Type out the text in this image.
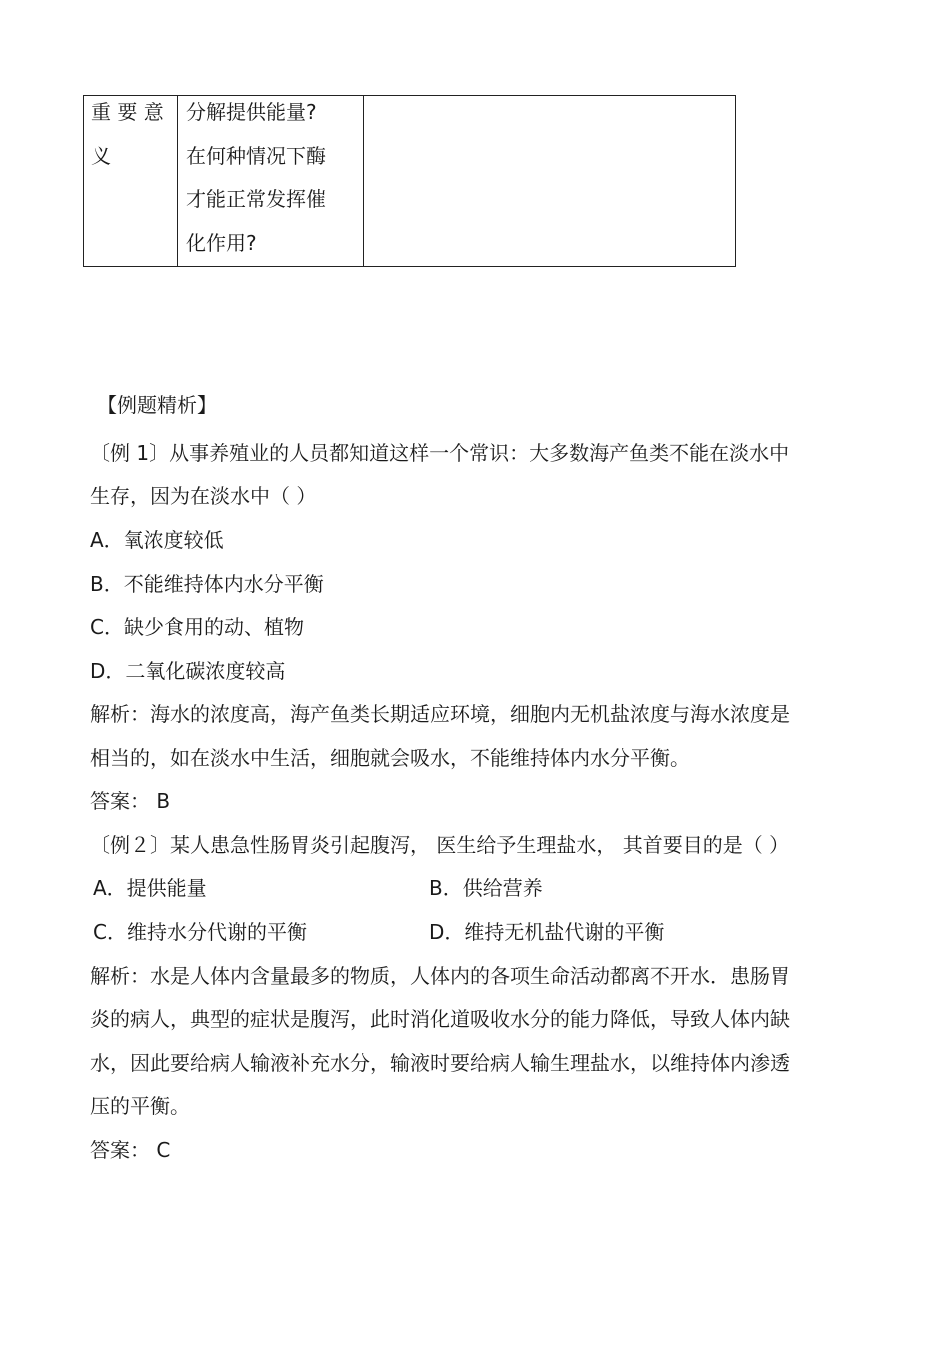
重 要 意
义
分解提供能量?
在何种情况下酶
才能正常发挥催
化作用?
【例题精析】
〔例 1〕从事养殖业的人员都知道这样一个常识：大多数海产鱼类不能在淡水中
生存，因为在淡水中（ ）
A．氧浓度较低
B．不能维持体内水分平衡
C．缺少食用的动、植物
D．二氧化碳浓度较高
解析：海水的浓度高，海产鱼类长期适应环境，细胞内无机盐浓度与海水浓度是
相当的，如在淡水中生活，细胞就会吸水，不能维持体内水分平衡。
答案： B
〔例２〕某人患急性肠胃炎引起腹泻， 医生给予生理盐水， 其首要目的是（ ）
A．提供能量	B．供给营养
C．维持水分代谢的平衡	D．维持无机盐代谢的平衡
解析：水是人体内含量最多的物质，人体内的各项生命活动都离不开水．患肠胃
炎的病人，典型的症状是腹泻，此时消化道吸收水分的能力降低，导致人体内缺
水，因此要给病人输液补充水分，输液时要给病人输生理盐水，以维持体内渗透
压的平衡。
答案： C
